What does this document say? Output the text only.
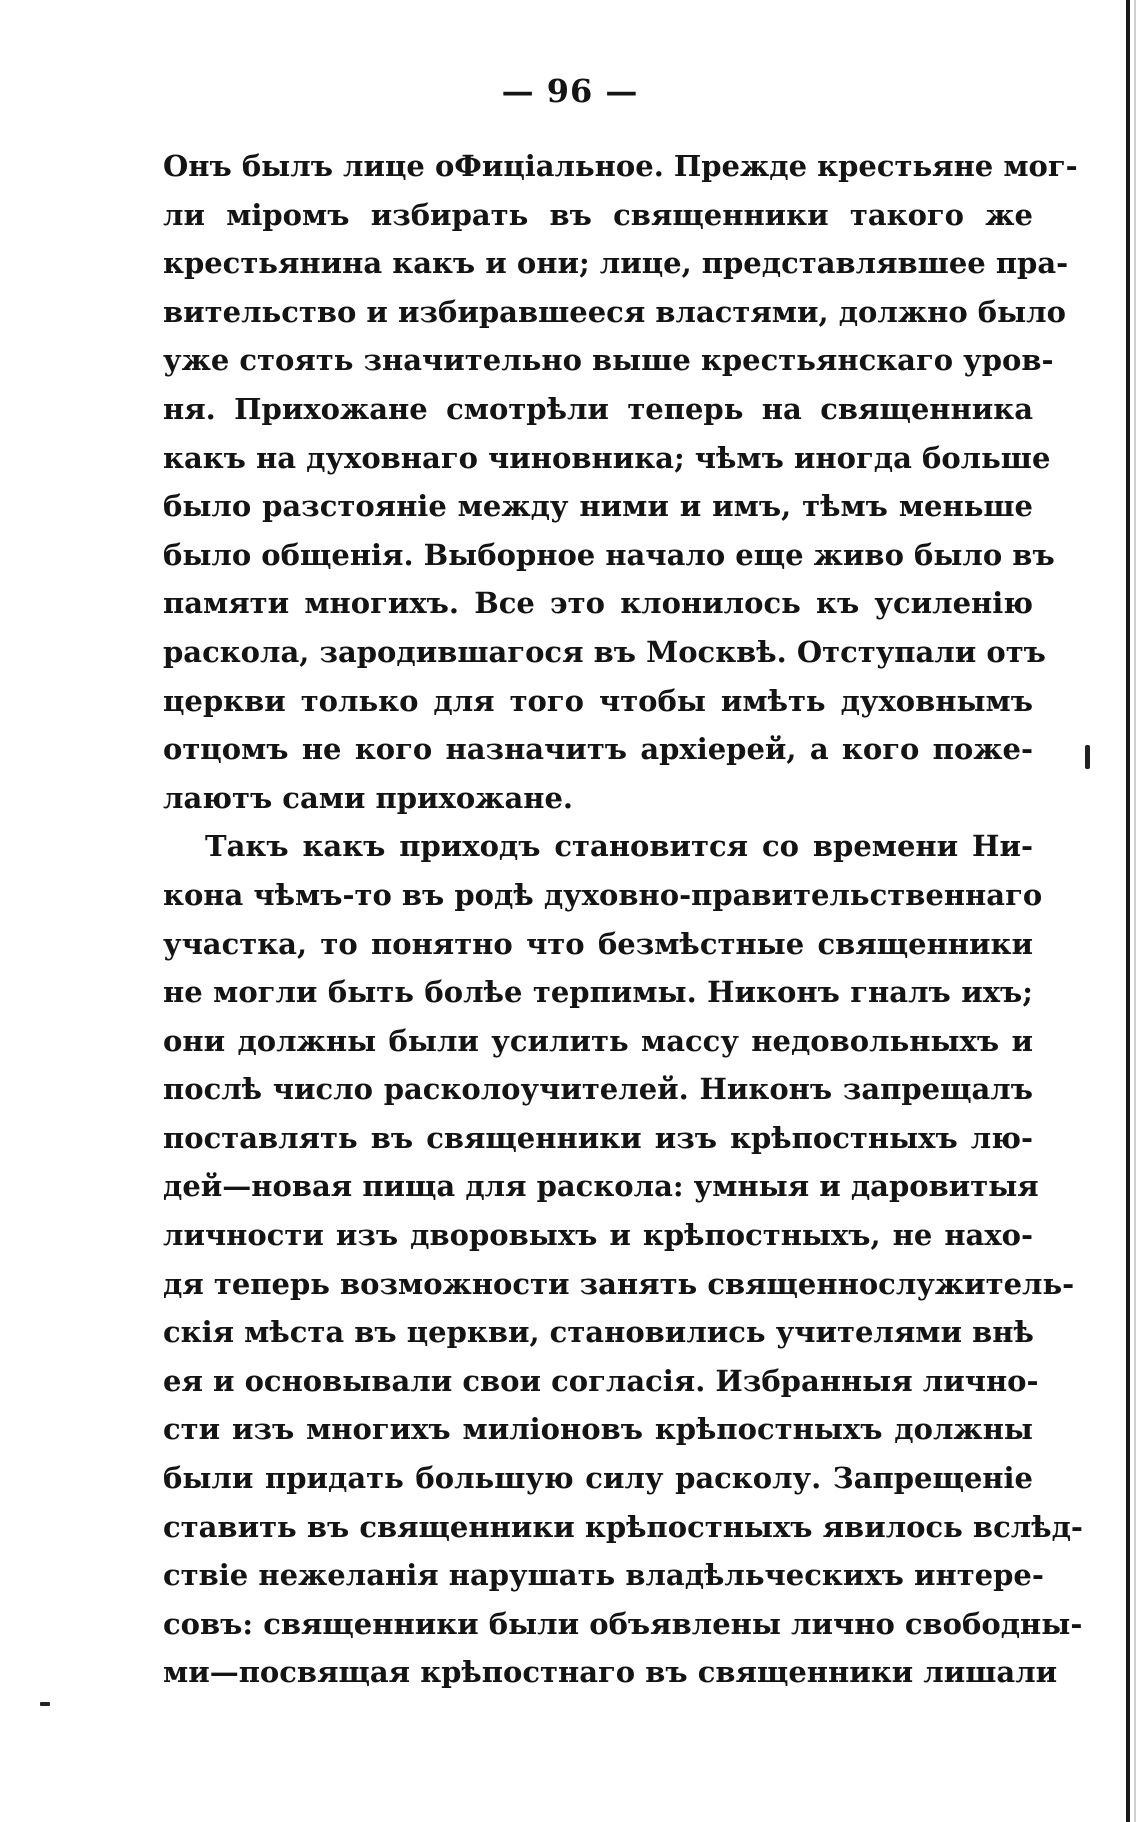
— 96 —
Онъ былъ лице оФиціальное. Прежде крестьяне мог-
ли міромъ избирать въ священники такого же
крестьянина какъ и они; лице, представлявшее пра-
вительство и избиравшееся властями, должно было
уже стоять значительно выше крестьянскаго уров-
ня. Прихожане смотрѣли теперь на священника
какъ на духовнаго чиновника; чѣмъ иногда больше
было разстояніе между ними и имъ, тѣмъ меньше
было общенія. Выборное начало еще живо было въ
памяти многихъ. Все это клонилось къ усиленію
раскола, зародившагося въ Москвѣ. Отступали отъ
церкви только для того чтобы имѣть духовнымъ
отцомъ не кого назначитъ архіерей, а кого поже-
лаютъ сами прихожане.
Такъ какъ приходъ становится со времени Ни-
кона чѣмъ-то въ родѣ духовно-правительственнаго
участка, то понятно что безмѣстные священники
не могли быть болѣе терпимы. Никонъ гналъ ихъ;
они должны были усилить массу недовольныхъ и
послѣ число расколоучителей. Никонъ запрещалъ
поставлять въ священники изъ крѣпостныхъ лю-
дей—новая пища для раскола: умныя и даровитыя
личности изъ дворовыхъ и крѣпостныхъ, не нахо-
дя теперь возможности занять священнослужитель-
скія мѣста въ церкви, становились учителями внѣ
ея и основывали свои согласія. Избранныя лично-
сти изъ многихъ миліоновъ крѣпостныхъ должны
были придать большую силу расколу. Запрещеніе
ставить въ священники крѣпостныхъ явилось вслѣд-
ствіе нежеланія нарушать владѣльческихъ интере-
совъ: священники были объявлены лично свободны-
ми—посвящая крѣпостнаго въ священники лишали
